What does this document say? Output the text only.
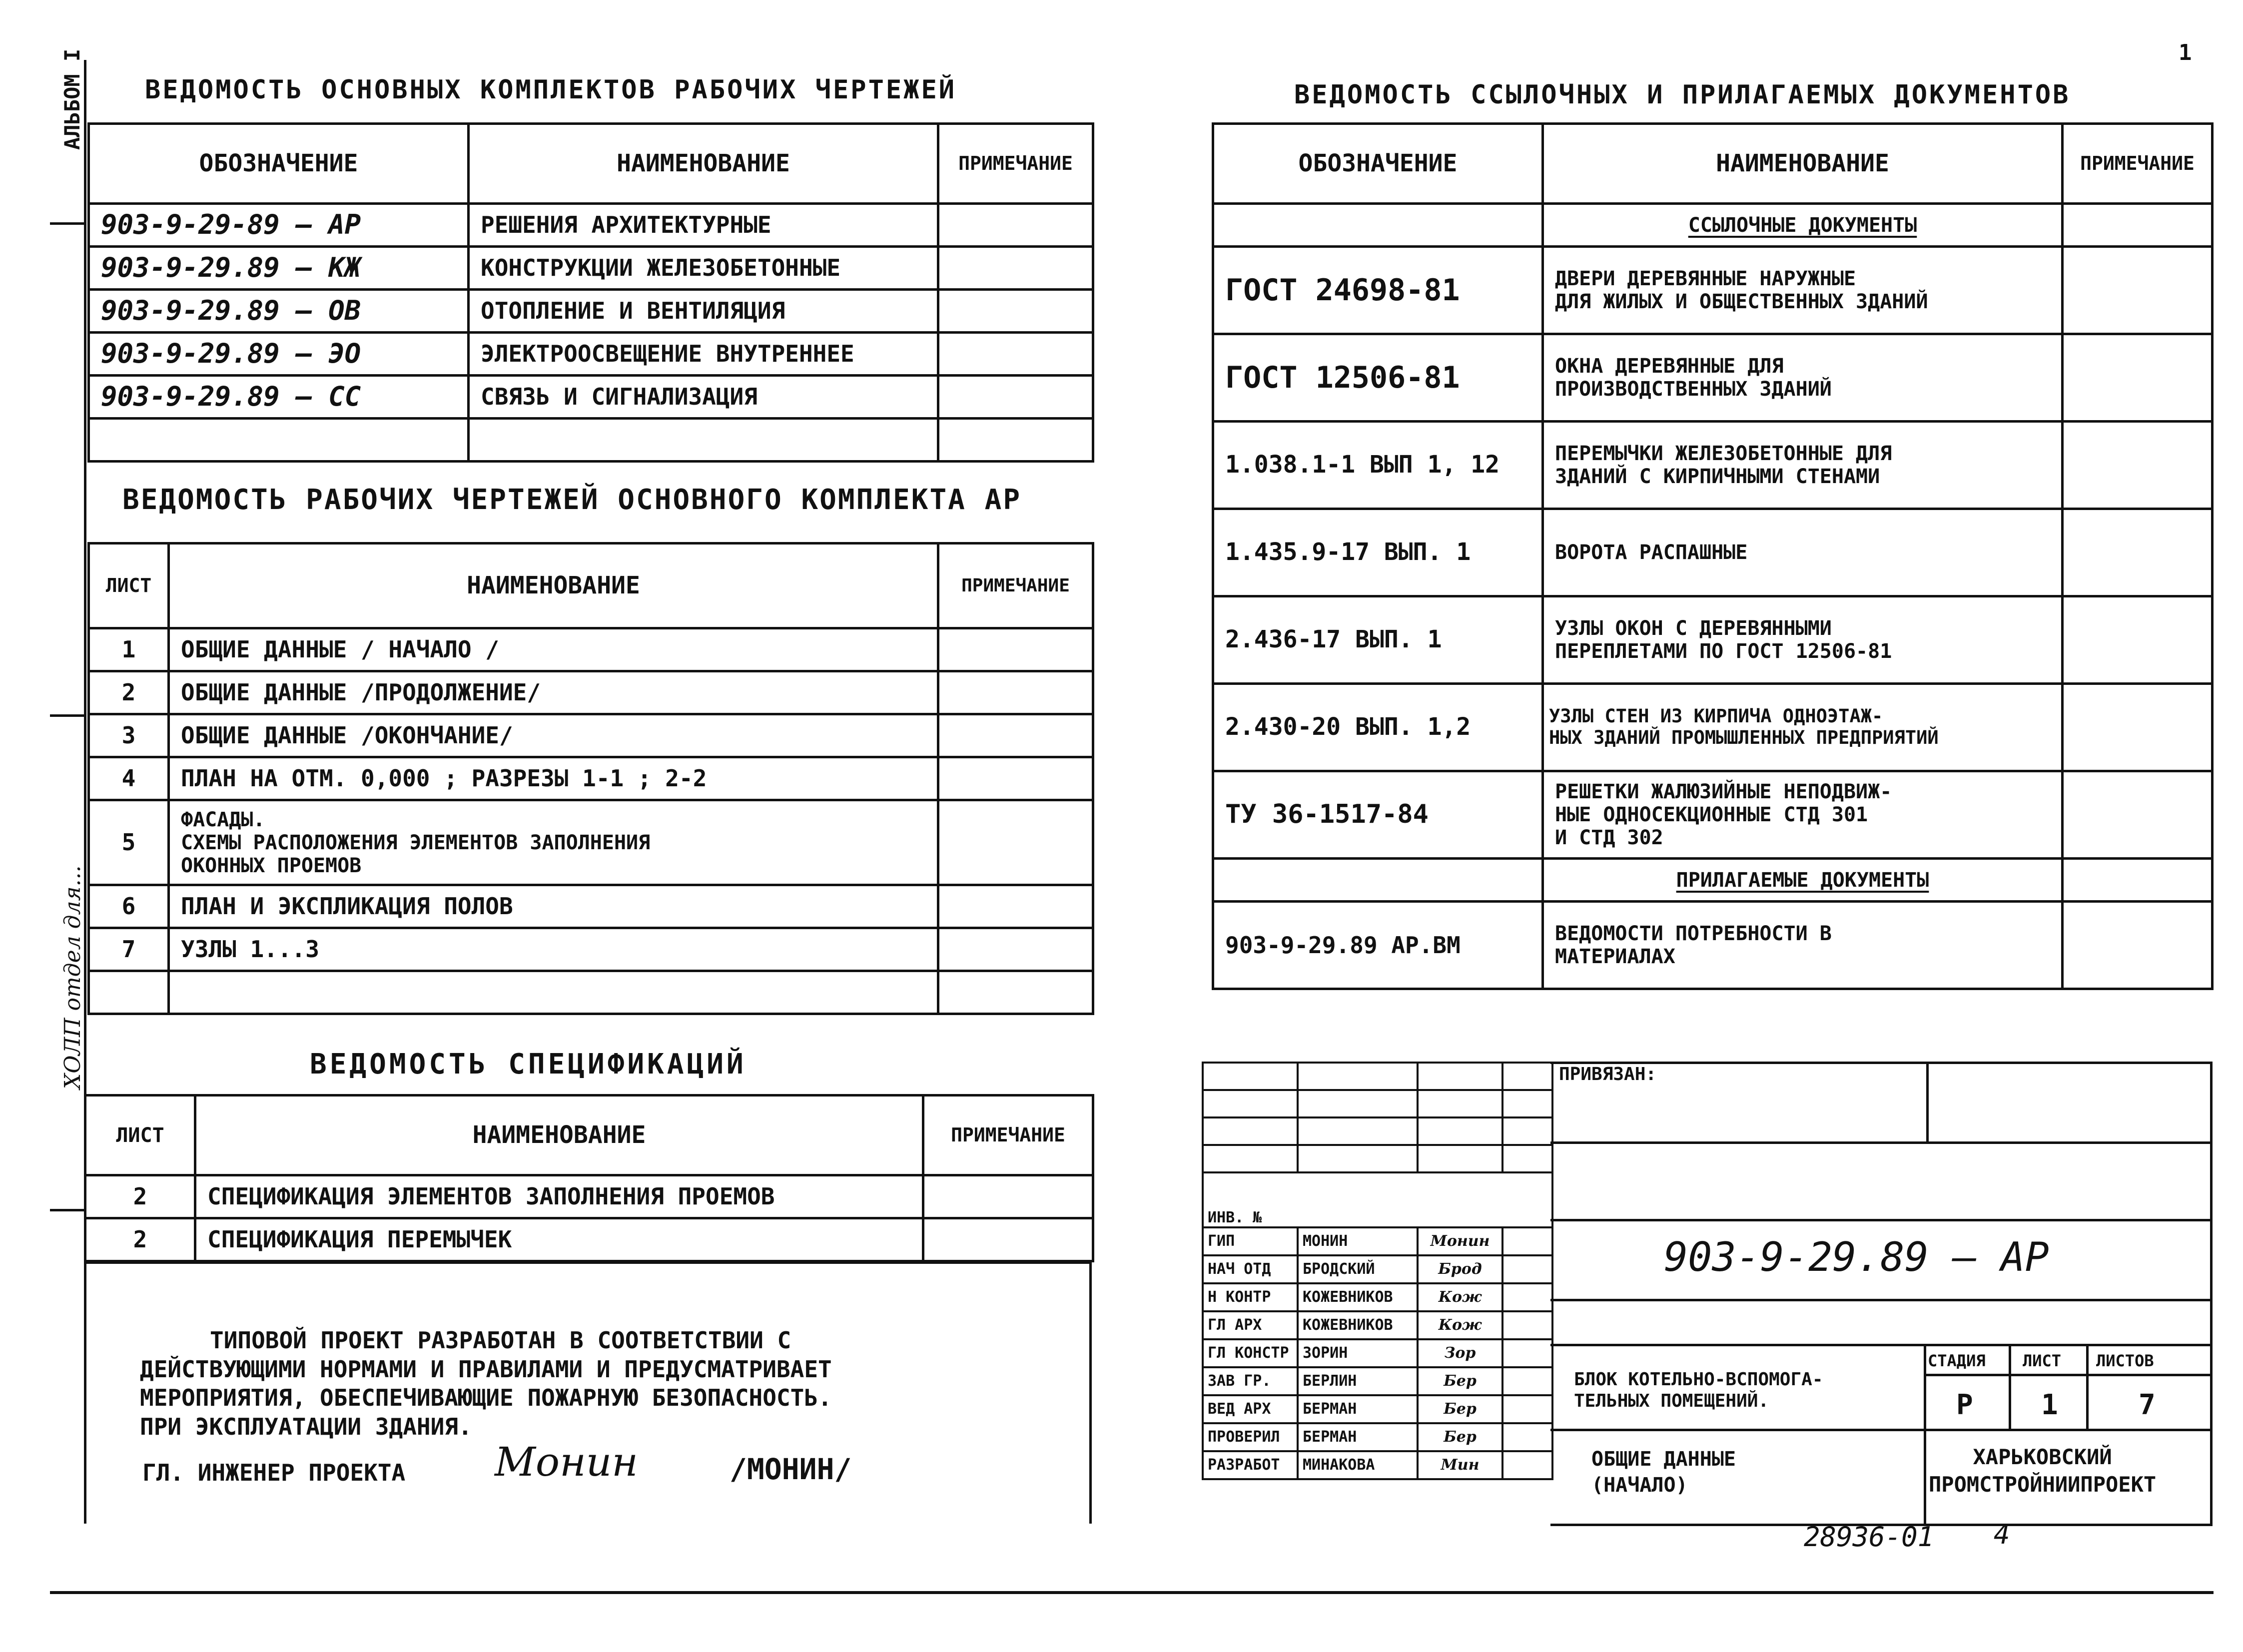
АЛЬБОМ I
ХОЛП отдел для...
1
ВЕДОМОСТЬ ОСНОВНЫХ КОМПЛЕКТОВ РАБОЧИХ ЧЕРТЕЖЕЙ
ОБОЗНАЧЕНИЕ	НАИМЕНОВАНИЕ	ПРИМЕЧАНИЕ
903-9-29-89 — АР	РЕШЕНИЯ АРХИТЕКТУРНЫЕ	
903-9-29.89 — КЖ	КОНСТРУКЦИИ ЖЕЛЕЗОБЕТОННЫЕ	
903-9-29.89 — ОВ	ОТОПЛЕНИЕ И ВЕНТИЛЯЦИЯ	
903-9-29.89 — ЭО	ЭЛЕКТРООСВЕЩЕНИЕ ВНУТРЕННЕЕ	
903-9-29.89 — СС	СВЯЗЬ И СИГНАЛИЗАЦИЯ	

ВЕДОМОСТЬ РАБОЧИХ ЧЕРТЕЖЕЙ ОСНОВНОГО КОМПЛЕКТА АР
ЛИСТ	НАИМЕНОВАНИЕ	ПРИМЕЧАНИЕ
1	ОБЩИЕ ДАННЫЕ / НАЧАЛО /	
2	ОБЩИЕ ДАННЫЕ /ПРОДОЛЖЕНИЕ/	
3	ОБЩИЕ ДАННЫЕ /ОКОНЧАНИЕ/	
4	ПЛАН НА ОТМ. 0,000 ; РАЗРЕЗЫ 1-1 ; 2-2	
5	ФАСАДЫ.
СХЕМЫ РАСПОЛОЖЕНИЯ ЭЛЕМЕНТОВ ЗАПОЛНЕНИЯ
ОКОННЫХ ПРОЕМОВ	
6	ПЛАН И ЭКСПЛИКАЦИЯ ПОЛОВ	
7	УЗЛЫ 1...3	

ВЕДОМОСТЬ СПЕЦИФИКАЦИЙ
ЛИСТ	НАИМЕНОВАНИЕ	ПРИМЕЧАНИЕ
2	СПЕЦИФИКАЦИЯ ЭЛЕМЕНТОВ ЗАПОЛНЕНИЯ ПРОЕМОВ	
2	СПЕЦИФИКАЦИЯ ПЕРЕМЫЧЕК	
ТИПОВОЙ ПРОЕКТ РАЗРАБОТАН В СООТВЕТСТВИИ С
ДЕЙСТВУЮЩИМИ НОРМАМИ И ПРАВИЛАМИ И ПРЕДУСМАТРИВАЕТ
МЕРОПРИЯТИЯ, ОБЕСПЕЧИВАЮЩИЕ ПОЖАРНУЮ БЕЗОПАСНОСТЬ.
ПРИ ЭКСПЛУАТАЦИИ ЗДАНИЯ.
ГЛ. ИНЖЕНЕР ПРОЕКТА Монин	/МОНИН/
ВЕДОМОСТЬ ССЫЛОЧНЫХ И ПРИЛАГАЕМЫХ ДОКУМЕНТОВ
ОБОЗНАЧЕНИЕ	НАИМЕНОВАНИЕ	ПРИМЕЧАНИЕ
	ССЫЛОЧНЫЕ ДОКУМЕНТЫ	
ГОСТ 24698-81	ДВЕРИ ДЕРЕВЯННЫЕ НАРУЖНЫЕ
ДЛЯ ЖИЛЫХ И ОБЩЕСТВЕННЫХ ЗДАНИЙ	
ГОСТ 12506-81	ОКНА ДЕРЕВЯННЫЕ ДЛЯ
ПРОИЗВОДСТВЕННЫХ ЗДАНИЙ	
1.038.1-1 ВЫП 1, 12	ПЕРЕМЫЧКИ ЖЕЛЕЗОБЕТОННЫЕ ДЛЯ
ЗДАНИЙ С КИРПИЧНЫМИ СТЕНАМИ	
1.435.9-17 ВЫП. 1	ВОРОТА РАСПАШНЫЕ	
2.436-17 ВЫП. 1	УЗЛЫ ОКОН С ДЕРЕВЯННЫМИ
ПЕРЕПЛЕТАМИ ПО ГОСТ 12506-81	
2.430-20 ВЫП. 1,2	УЗЛЫ СТЕН ИЗ КИРПИЧА ОДНОЭТАЖ-
НЫХ ЗДАНИЙ ПРОМЫШЛЕННЫХ ПРЕДПРИЯТИЙ	
ТУ 36-1517-84	РЕШЕТКИ ЖАЛЮЗИЙНЫЕ НЕПОДВИЖ-
НЫЕ ОДНОСЕКЦИОННЫЕ СТД 301
И СТД 302	
	ПРИЛАГАЕМЫЕ ДОКУМЕНТЫ	
903-9-29.89 АР.ВМ	ВЕДОМОСТИ ПОТРЕБНОСТИ В
МАТЕРИАЛАХ	

ИНВ. №
ГИП	МОНИН	Монин	
НАЧ ОТД	БРОДСКИЙ	Брод	
Н КОНТР	КОЖЕВНИКОВ	Кож	
ГЛ АРХ	КОЖЕВНИКОВ	Кож	
ГЛ КОНСТР	ЗОРИН	Зор	
ЗАВ ГР.	БЕРЛИН	Бер	
ВЕД АРХ	БЕРМАН	Бер	
ПРОВЕРИЛ	БЕРМАН	Бер	
РАЗРАБОТ	МИНАКОВА	Мин	
ПРИВЯЗАН:
903-9-29.89 — АР
БЛОК КОТЕЛЬНО-ВСПОМОГА-
ТЕЛЬНЫХ ПОМЕЩЕНИЙ.
СТАДИЯ ЛИСТ ЛИСТОВ
Р 1	7
ОБЩИЕ ДАННЫЕ
(НАЧАЛО)
ХАРЬКОВСКИЙ
ПРОМСТРОЙНИИПРОЕКТ
28936-01 4
